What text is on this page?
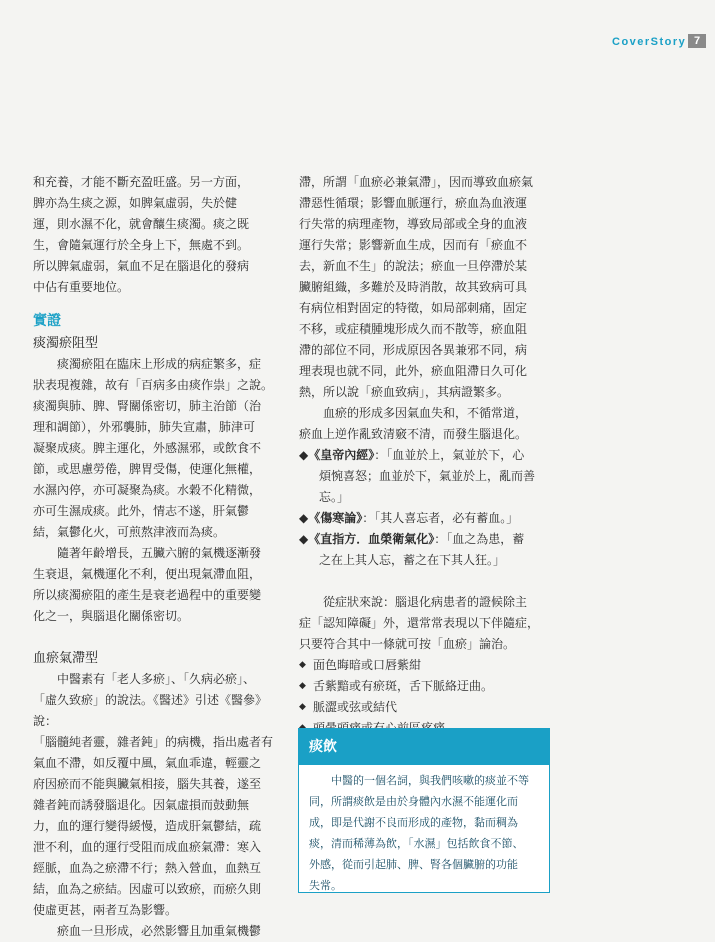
CoverStory 7

和充養，才能不斷充盈旺盛。另一方面，
脾亦為生痰之源，如脾氣虛弱，失於健
運，則水濕不化，就會釀生痰濁。痰之既
生，會隨氣運行於全身上下，無處不到。
所以脾氣虛弱，氣血不足在腦退化的發病
中佔有重要地位。

實證
痰濁瘀阻型

痰濁瘀阻在臨床上形成的病症繁多，症
狀表現複雜，故有「百病多由痰作祟」之說。
痰濁與肺、脾、腎關係密切，肺主治節（治
理和調節），外邪襲肺，肺失宣肅，肺津可
凝聚成痰。脾主運化，外感濕邪，或飲食不
節，或思慮勞倦，脾胃受傷，使運化無權，
水濕內停，亦可凝聚為痰。水穀不化精微，
亦可生濕成痰。此外，情志不遂，肝氣鬱
結，氣鬱化火，可煎熬津液而為痰。

隨著年齡增長，五臟六腑的氣機逐漸發
生衰退，氣機運化不利，便出現氣滯血阻，
所以痰濁瘀阻的產生是衰老過程中的重要變
化之一，與腦退化關係密切。

血瘀氣滯型

中醫素有「老人多瘀」、「久病必瘀」、
「虛久致瘀」的說法。《醫述》引述《醫參》說：
「腦髓純者靈，雜者鈍」的病機，指出處者有
氣血不滯，如反覆中風，氣血乖違，輕靈之
府因瘀而不能與臟氣相接，腦失其養，遂至
雜者鈍而誘發腦退化。因氣虛損而鼓動無
力，血的運行變得緩慢，造成肝氣鬱結，疏
泄不利，血的運行受阻而成血瘀氣滯：寒入
經脈，血為之瘀滯不行；熱入營血，血熱互
結，血為之瘀結。因虛可以致瘀，而瘀久則
使虛更甚，兩者互為影響。

瘀血一旦形成，必然影響且加重氣機鬱

滯，所謂「血瘀必兼氣滯」，因而導致血瘀氣
滯惡性循環；影響血脈運行，瘀血為血液運
行失常的病理產物，導致局部或全身的血液
運行失常；影響新血生成，因而有「瘀血不
去，新血不生」的說法；瘀血一旦停滯於某
臟腑組織，多難於及時消散，故其致病可具
有病位相對固定的特徵，如局部刺痛，固定
不移，或症積腫塊形成久而不散等，瘀血阻
滯的部位不同，形成原因各異兼邪不同，病
理表現也就不同，此外，瘀血阻滯日久可化
熱，所以說「瘀血致病」，其病證繁多。

血瘀的形成多因氣血失和，不循常道，
瘀血上逆作亂致清竅不清，而發生腦退化。

◆《皇帝內經》：「血並於上，氣並於下，心
煩惋喜怒；血並於下，氣並於上，亂而善
忘。」
◆《傷寒論》：「其人喜忘者，必有蓄血。」
◆《直指方．血榮衛氣化》：「血之為患，蓄
之在上其人忘，蓄之在下其人狂。」

從症狀來說：腦退化病患者的證候除主
症「認知障礙」外，還常常表現以下伴隨症，
只要符合其中一條就可按「血瘀」論治。

◆ 面色晦暗或口唇紫紺
◆ 舌紫黯或有瘀斑，舌下脈絡迂曲。
◆ 脈澀或弦或結代
◆
痰飲
中醫的一個名詞，與我們咳嗽的痰並不等
同，所謂痰飲是由於身體內水濕不能運化而
成，即是代謝不良而形成的產物，黏而稠為
痰，清而稀薄為飲，「水濕」包括飲食不節、
外感，從而引起肺、脾、腎各個臟腑的功能
失常。
